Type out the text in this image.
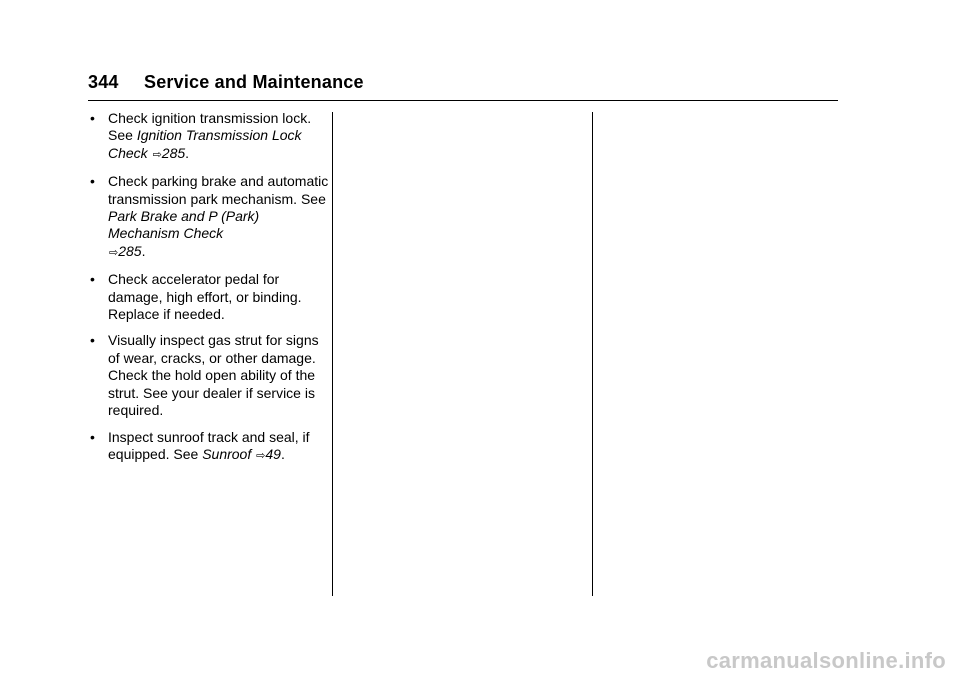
344 Service and Maintenance
• Check ignition transmission lock. See Ignition Transmission Lock Check ⇨285.
• Check parking brake and automatic transmission park mechanism. See Park Brake and P (Park) Mechanism Check
⇨285.
• Check accelerator pedal for damage, high effort, or binding. Replace if needed.
• Visually inspect gas strut for signs of wear, cracks, or other damage. Check the hold open ability of the strut. See your dealer if service is required.
• Inspect sunroof track and seal, if equipped. See Sunroof ⇨49.
carmanualsonline.info
